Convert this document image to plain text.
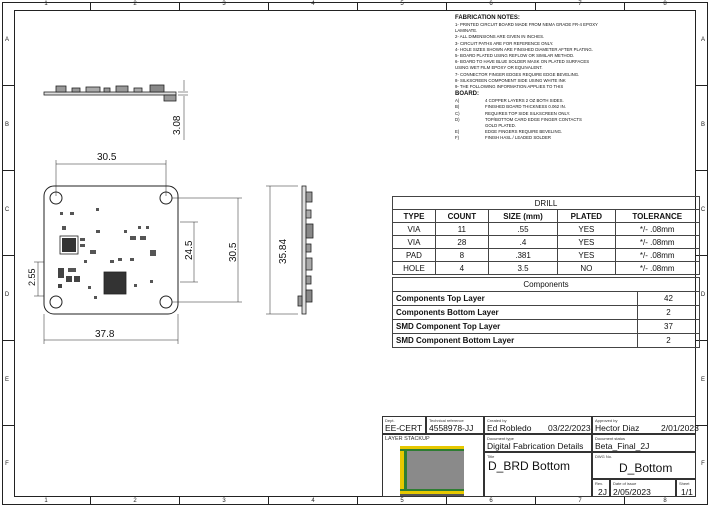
1	2	3	4	5	6	7	8
1	2	3	4	5	6	7	8
A
B
C
D
E
F
A
B
C
D
E
F
30.5
37.8
24.5	30.5
2.55
35.84
3.08
FABRICATION NOTES:
1- PRINTED CIRCUIT BOARD MADE FROM NEMA GRADE FR-4 EPOXY
LAMINATE.
2- ALL DIMENSIONS ARE GIVEN IN INCHES.
3- CIRCUIT PATHS ARE FOR REFERENCE ONLY.
4- HOLE SIZES SHOWN ARE FINISHED DIAMETER AFTER PLATING.
5- BOARD PLATED USING REFLOW OR SIMILAR METHOD.
6- BOARD TO HAVE BLUE SOLDER MASK ON PLATED SURFACES
USING WET FILM EPOXY OR EQUIVALENT.
7- CONNECTOR FINGER EDGES REQUIRE EDGE BEVELING.
8- SILKSCREEN COMPONENT SIDE USING WHITE INK
9- THE FOLLOWING INFORMATION APPLIES TO THIS
BOARD:
A)	4 COPPER LAYERS 2 OZ BOTH SIDES.
B)	FINISHED BOARD THICKNESS 0.062 IN.
C)	REQUIRES TOP SIDE SILKSCREEN ONLY.
D)	TOP/BOTTOM CARD EDGE FINGER CONTACTS
GOLD PLATED.
E)	EDGE FINGERS REQUIRE BEVELING.
F)	FINISH HASL / LEADED SOLDER
DRILL				
TYPE	COUNT	SIZE (mm)	PLATED	TOLERANCE
VIA	11	.55	YES	*/- .08mm
VIA	28	.4	YES	*/- .08mm
PAD	8	.381	YES	*/- .08mm
HOLE	4	3.5	NO	*/- .08mm
Components	
Components Top Layer	42
Components Bottom Layer	2
SMD Component Top Layer	37
SMD Component Bottom Layer	2
Dept.
EE-CERT
Technical reference
4558978-JJ
LAYER STACKUP
Created by
Ed Robledo 03/22/2023
Approved by
Hector Diaz	2/01/2023
Document type
Digital Fabrication Details
Document status
Beta_Final_2J
Title
D_BRD Bottom
DWG No.
D_Bottom
Rev.
2J
Date of issue
2/05/2023
Sheet
1/1
